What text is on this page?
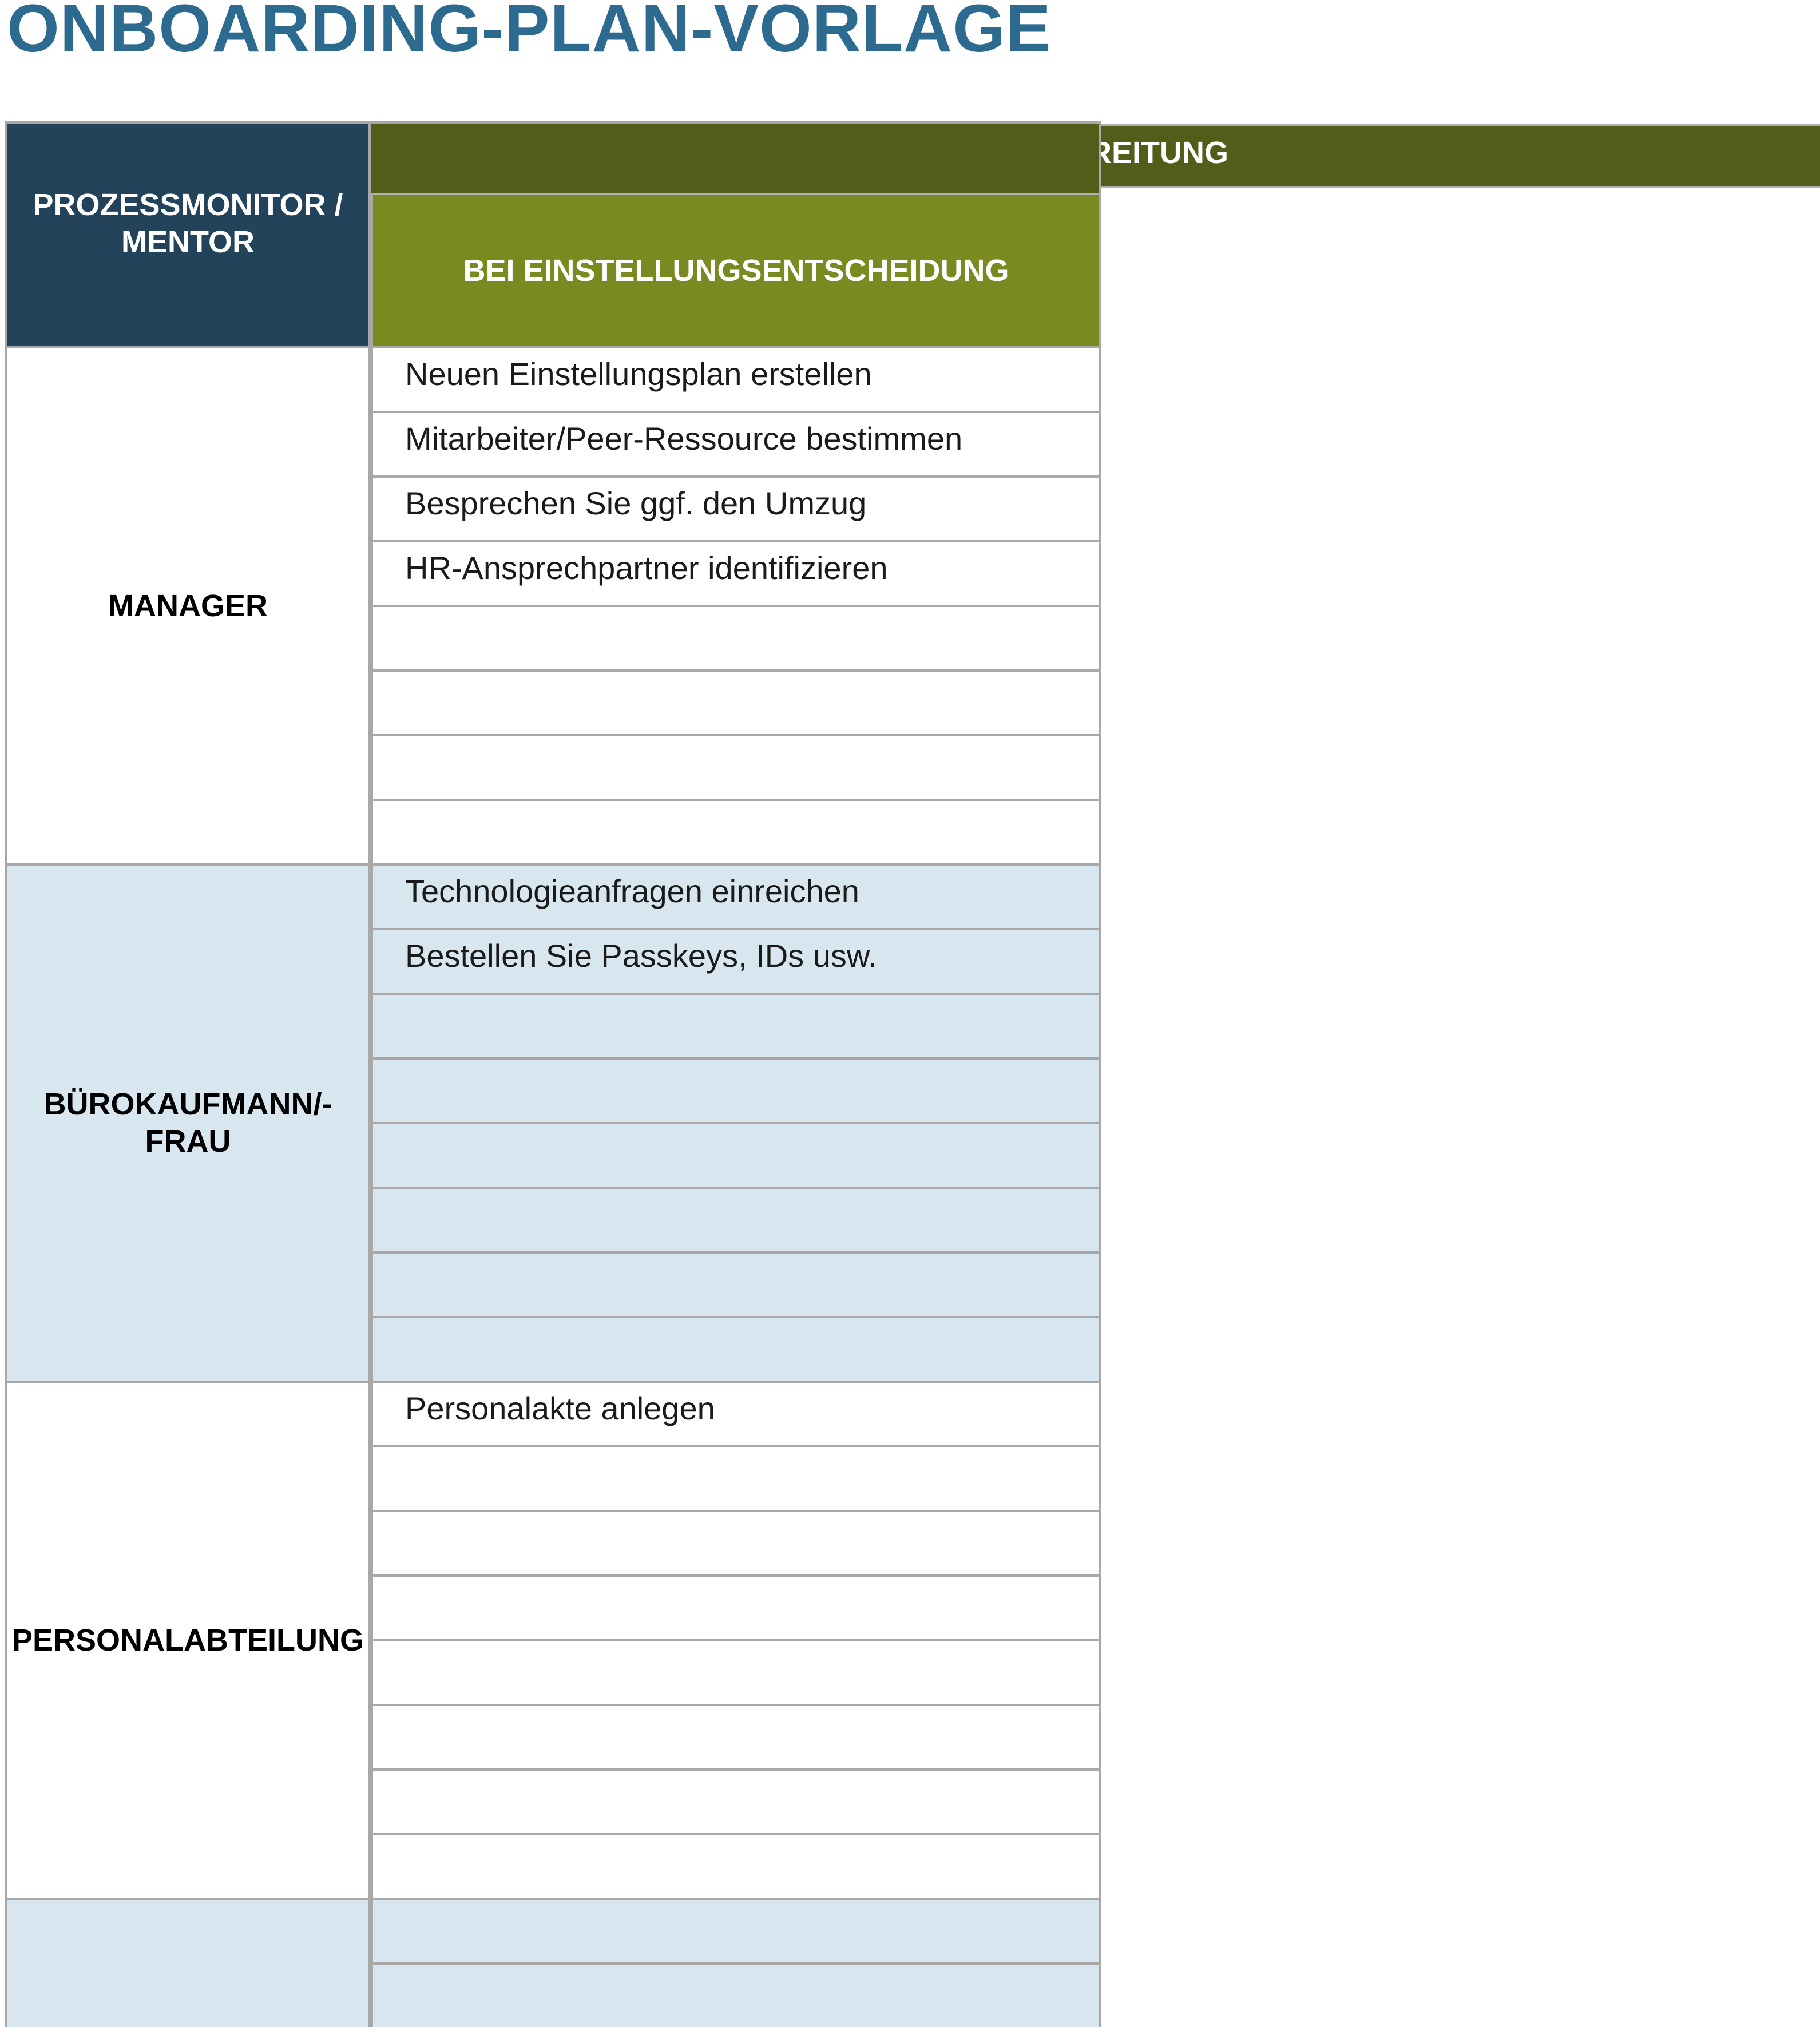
ONBOARDING-PLAN-VORLAGE
PROZESSMONITOR / MENTOR
BEI EINSTELLUNGSENTSCHEIDUNG
MANAGER
Neuen Einstellungsplan erstellen
Mitarbeiter/Peer-Ressource bestimmen
Besprechen Sie ggf. den Umzug
HR-Ansprechpartner identifizieren
BÜROKAUFMANN/-FRAU
Technologieanfragen einreichen
Bestellen Sie Passkeys, IDs usw.
PERSONALABTEILUNG
Personalakte anlegen
